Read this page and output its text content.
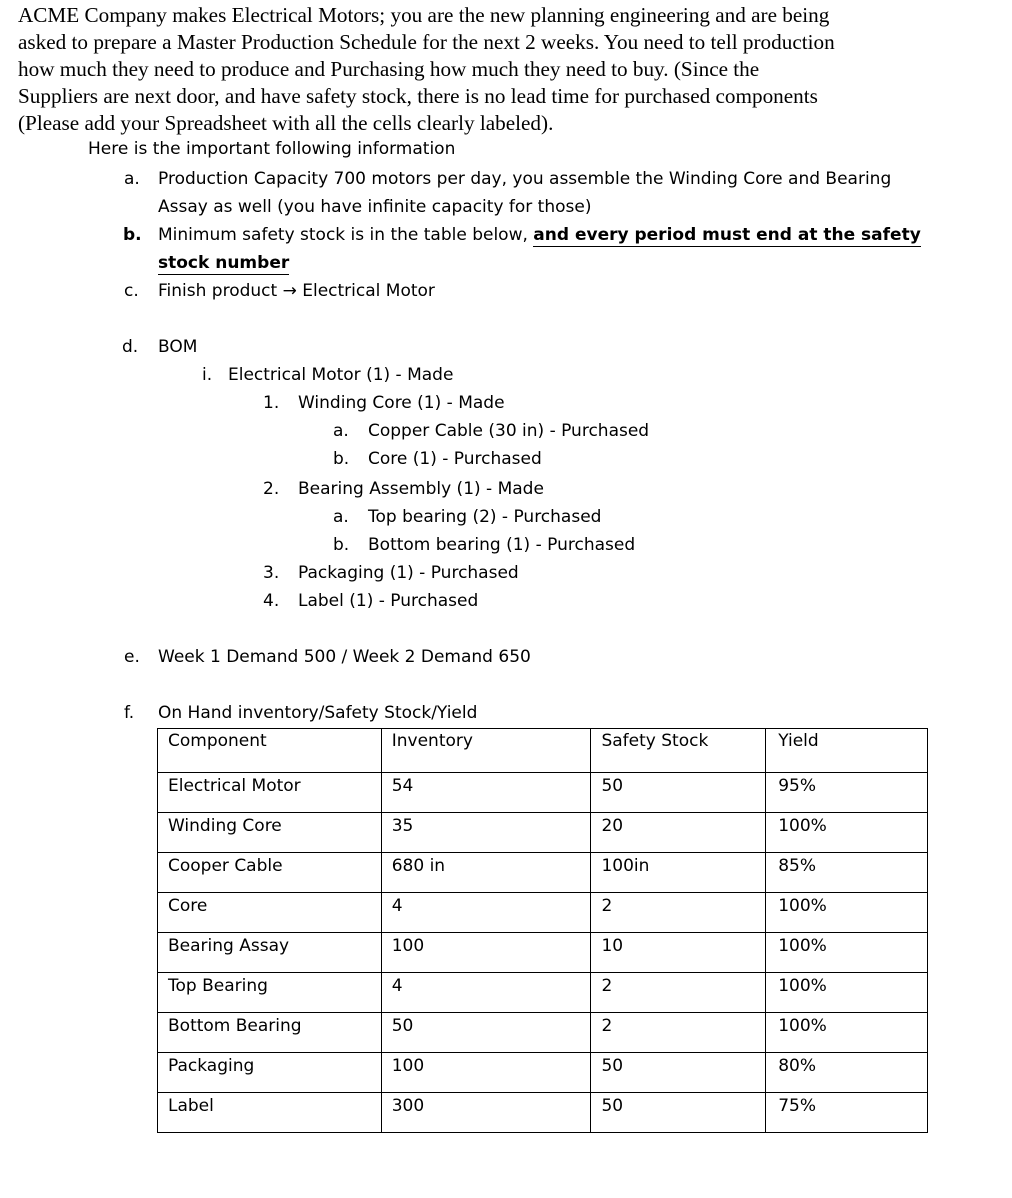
ACME Company makes Electrical Motors; you are the new planning engineering and are being
asked to prepare a Master Production Schedule for the next 2 weeks. You need to tell production
how much they need to produce and Purchasing how much they need to buy. (Since the
Suppliers are next door, and have safety stock, there is no lead time for purchased components
(Please add your Spreadsheet with all the cells clearly labeled).
Here is the important following information
a. Production Capacity 700 motors per day, you assemble the Winding Core and Bearing
Assay as well (you have infinite capacity for those)
b. Minimum safety stock is in the table below, and every period must end at the safety
stock number
c. Finish product → Electrical Motor
d. BOM
i. Electrical Motor (1) - Made
1. Winding Core (1) - Made
a. Copper Cable (30 in) - Purchased
b. Core (1) - Purchased
2. Bearing Assembly (1) - Made
a. Top bearing (2) - Purchased
b. Bottom bearing (1) - Purchased
3. Packaging (1) - Purchased
4. Label (1) - Purchased
e. Week 1 Demand 500 / Week 2 Demand 650
f. On Hand inventory/Safety Stock/Yield
Component	Inventory	Safety Stock	Yield
Electrical Motor	54	50	95%
Winding Core	35	20	100%
Cooper Cable	680 in	100in	85%
Core	4	2	100%
Bearing Assay	100	10	100%
Top Bearing	4	2	100%
Bottom Bearing	50	2	100%
Packaging	100	50	80%
Label	300	50	75%
